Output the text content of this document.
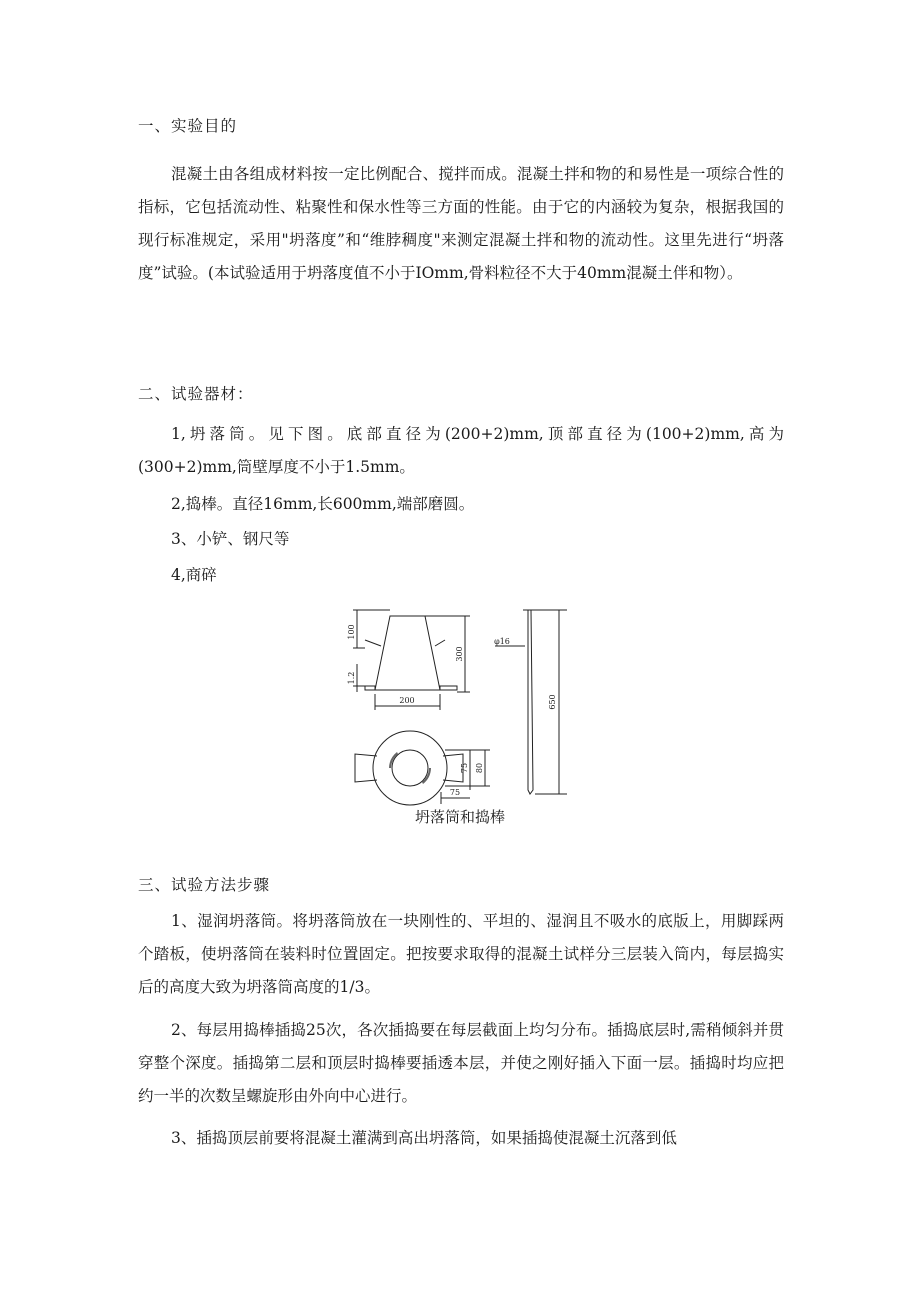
一、实验目的
混凝土由各组成材料按一定比例配合、搅拌而成。混凝土拌和物的和易性是一项综合性的指标，它包括流动性、粘聚性和保水性等三方面的性能。由于它的内涵较为复杂，根据我国的现行标准规定，采用"坍落度”和“维脖稠度"来测定混凝土拌和物的流动性。这里先进行“坍落度”试验。(本试验适用于坍落度值不小于IOmm,骨料粒径不大于40mm混凝土伴和物）。
二、试验器材：
1,坍落筒。见下图。底部直径为(200+2)mm,顶部直径为(100+2)mm,高为(300+2)mm,筒壁厚度不小于1.5mm。
2,捣棒。直径16mm,长600mm,端部磨圆。
3、小铲、钢尺等
4,商碎
100
1.2
300
200
φ16
650
75 80
75
坍落筒和捣棒
三、试验方法步骤
1、湿润坍落筒。将坍落筒放在一块刚性的、平坦的、湿润且不吸水的底版上，用脚踩两个踏板，使坍落筒在装料时位置固定。把按要求取得的混凝土试样分三层装入筒内，每层捣实后的高度大致为坍落筒高度的1/3。
2、每层用捣棒插捣25次，各次插捣要在每层截面上均匀分布。插捣底层时,需稍倾斜并贯穿整个深度。插捣第二层和顶层时捣棒要插透本层，并使之刚好插入下面一层。插捣时均应把约一半的次数呈螺旋形由外向中心进行。
3、插捣顶层前要将混凝土灌满到高出坍落筒，如果插捣使混凝土沉落到低
